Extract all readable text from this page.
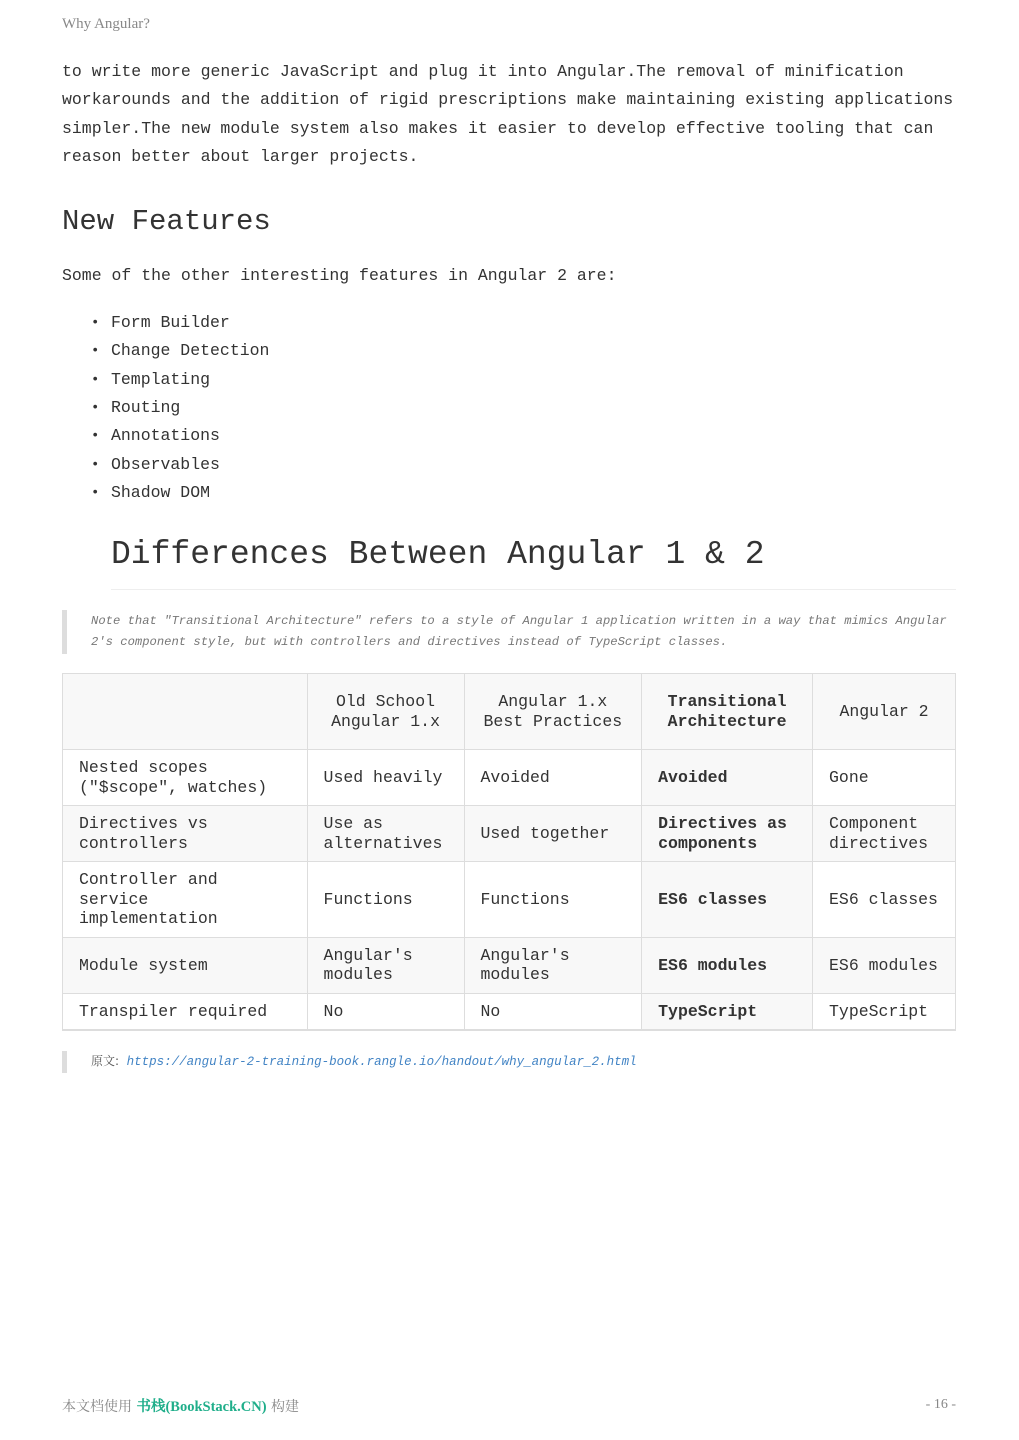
Why Angular?

to write more generic JavaScript and plug it into Angular.The removal of minification workarounds and the addition of rigid prescriptions make maintaining existing applications simpler.The new module system also makes it easier to develop effective tooling that can reason better about larger projects.

New Features

Some of the other interesting features in Angular 2 are:

• Form Builder
• Change Detection
• Templating
• Routing
• Annotations
• Observables
• Shadow DOM
Differences Between Angular 1 & 2
Note that "Transitional Architecture" refers to a style of Angular 1 application written in a way that mimics Angular 2's component style, but with controllers and directives instead of TypeScript classes.
	Old School Angular 1.x	Angular 1.x Best Practices	Transitional Architecture	Angular 2
Nested scopes ("$scope", watches)	Used heavily	Avoided	Avoided	Gone
Directives vs controllers	Use as alternatives	Used together	Directives as components	Component directives
Controller and service implementation	Functions	Functions	ES6 classes	ES6 classes
Module system	Angular's modules	Angular's modules	ES6 modules	ES6 modules
Transpiler required	No	No	TypeScript	TypeScript
原文: https://angular-2-training-book.rangle.io/handout/why_angular_2.html
本文档使用 书栈(BookStack.CN) 构建	- 16 -
